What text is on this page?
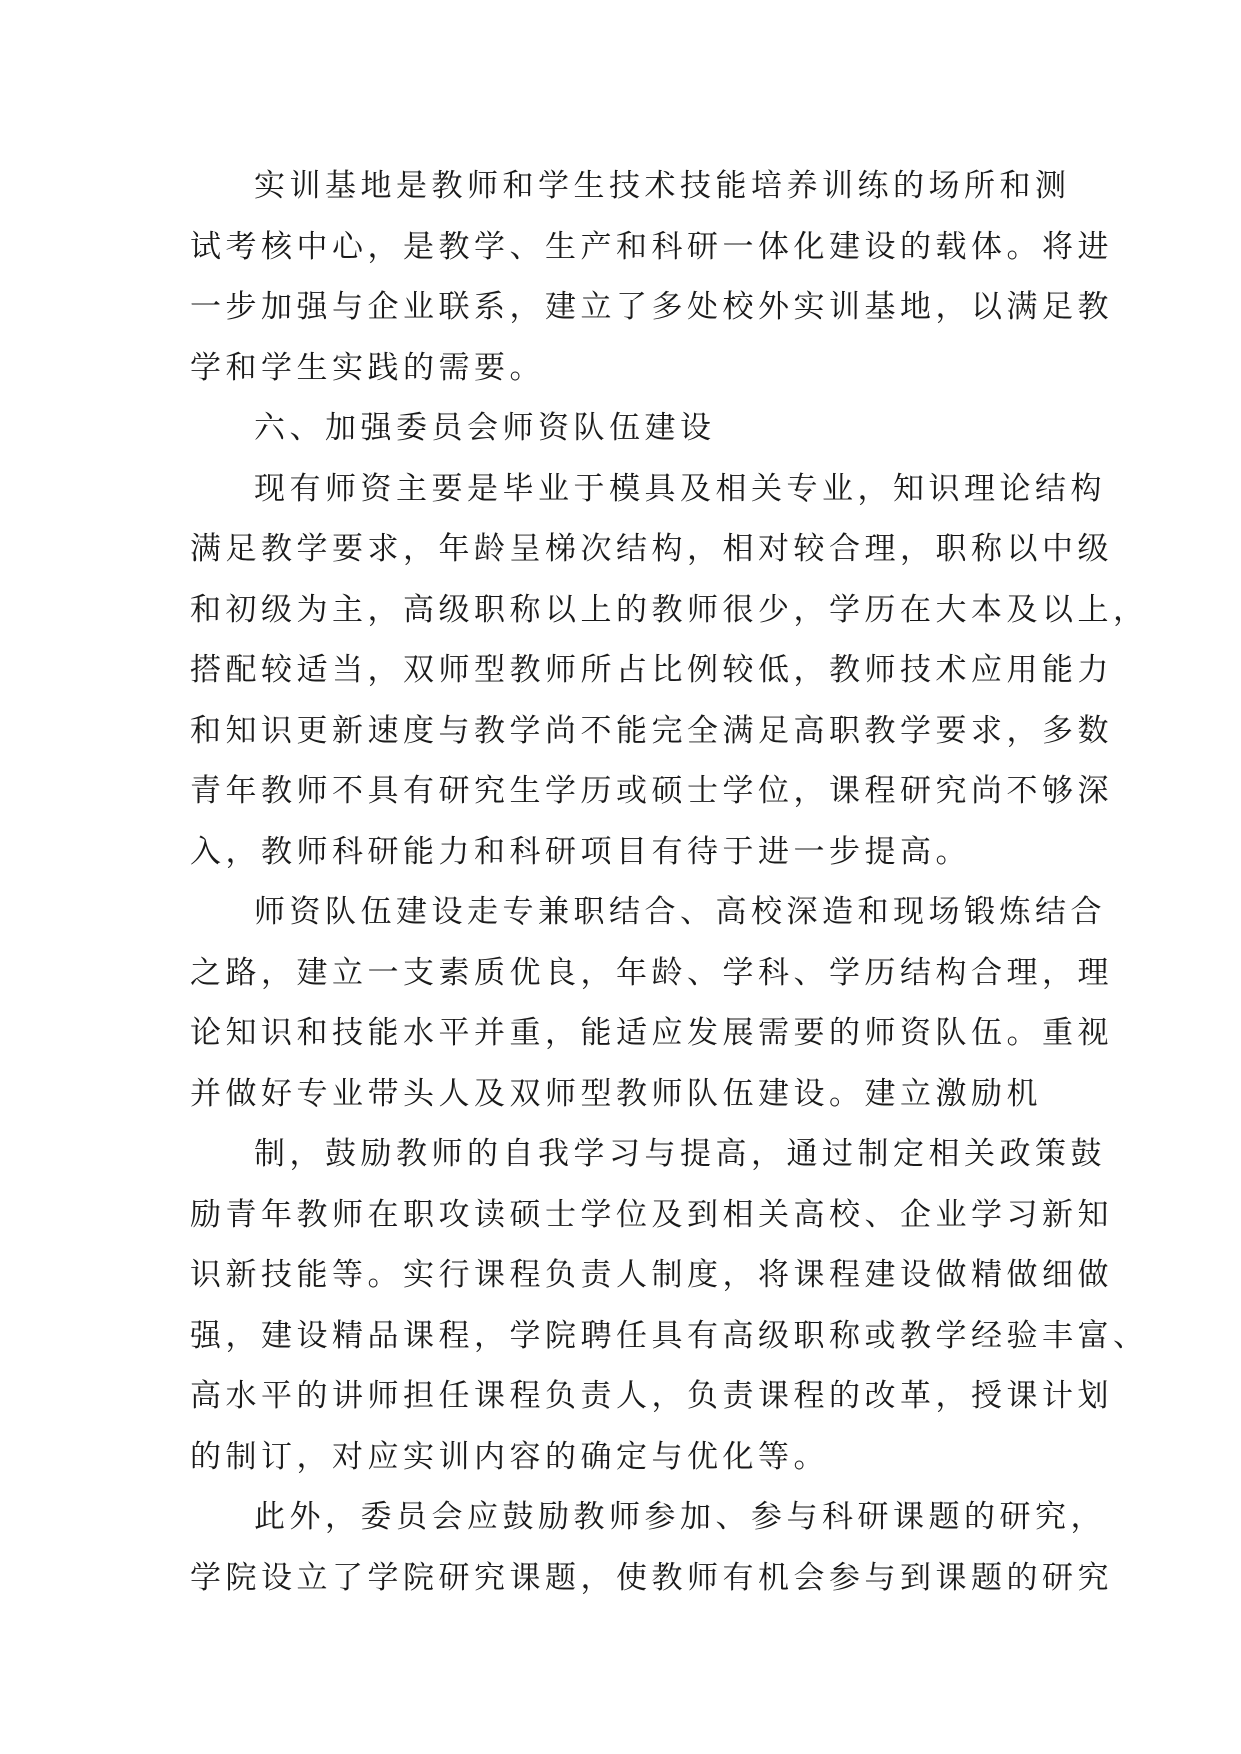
实训基地是教师和学生技术技能培养训练的场所和测
试考核中心，是教学、生产和科研一体化建设的载体。将进
一步加强与企业联系，建立了多处校外实训基地，以满足教
学和学生实践的需要。

六、加强委员会师资队伍建设

现有师资主要是毕业于模具及相关专业，知识理论结构
满足教学要求，年龄呈梯次结构，相对较合理，职称以中级
和初级为主，高级职称以上的教师很少，学历在大本及以上，
搭配较适当，双师型教师所占比例较低，教师技术应用能力
和知识更新速度与教学尚不能完全满足高职教学要求，多数
青年教师不具有研究生学历或硕士学位，课程研究尚不够深
入，教师科研能力和科研项目有待于进一步提高。

师资队伍建设走专兼职结合、高校深造和现场锻炼结合
之路，建立一支素质优良，年龄、学科、学历结构合理，理
论知识和技能水平并重，能适应发展需要的师资队伍。重视
并做好专业带头人及双师型教师队伍建设。建立激励机

制，鼓励教师的自我学习与提高，通过制定相关政策鼓
励青年教师在职攻读硕士学位及到相关高校、企业学习新知
识新技能等。实行课程负责人制度，将课程建设做精做细做
强，建设精品课程，学院聘任具有高级职称或教学经验丰富、
高水平的讲师担任课程负责人，负责课程的改革，授课计划
的制订，对应实训内容的确定与优化等。

此外，委员会应鼓励教师参加、参与科研课题的研究，
学院设立了学院研究课题，使教师有机会参与到课题的研究
